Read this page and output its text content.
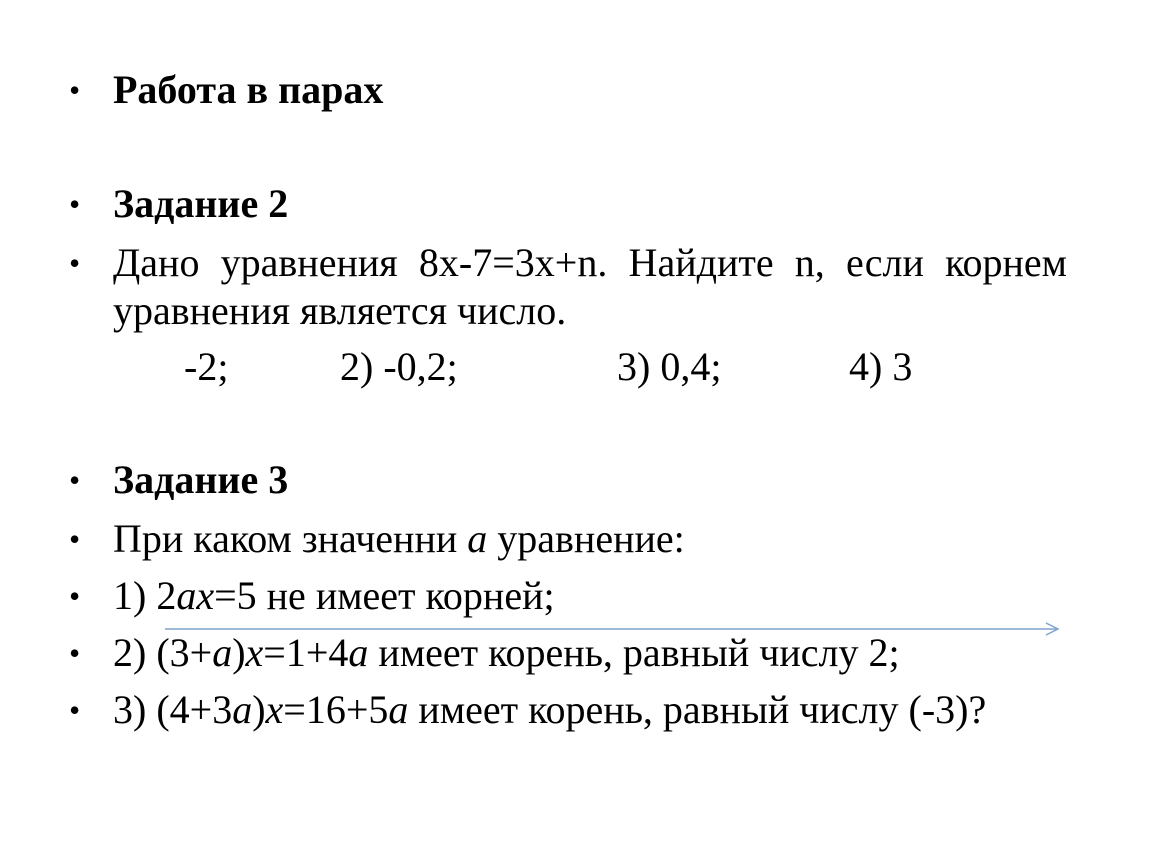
• Работа в парах
• Задание 2
• Дано уравнения 8x-7=3x+n. Найдите n, если корнем
уравнения является число.
-2;	2) -0,2;	3) 0,4;	4) 3
• Задание 3
• При каком значенни a уравнение:
• 1) 2ax=5 не имеет корней;
• 2) (3+a)x=1+4a имеет корень, равный числу 2;
• 3) (4+3a)x=16+5a имеет корень, равный числу (-3)?
